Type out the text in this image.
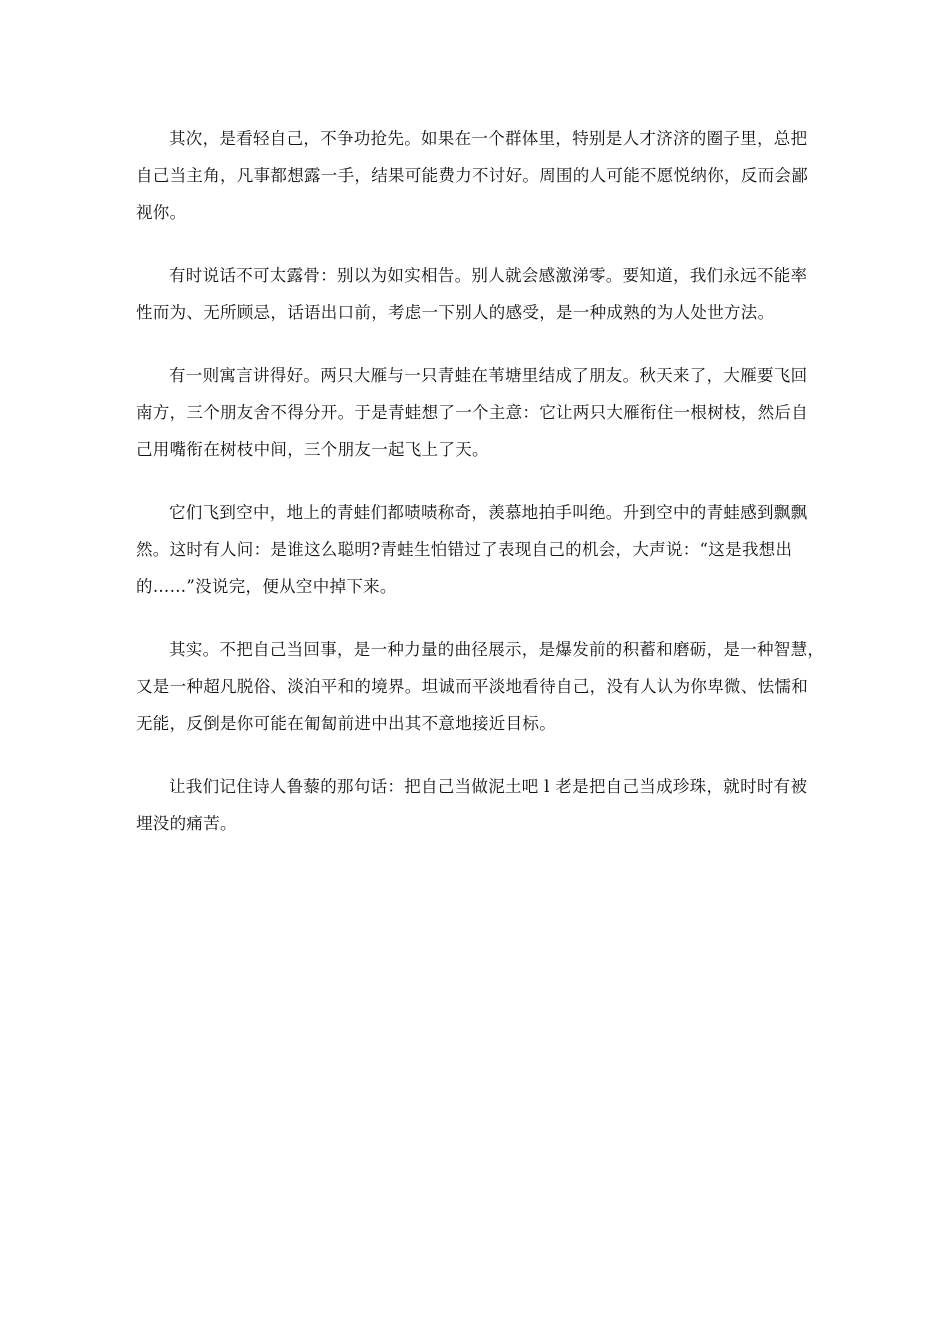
其次，是看轻自己，不争功抢先。如果在一个群体里，特别是人才济济的圈子里，总把
自己当主角，凡事都想露一手，结果可能费力不讨好。周围的人可能不愿悦纳你，反而会鄙
视你。

有时说话不可太露骨：别以为如实相告。别人就会感激涕零。要知道，我们永远不能率
性而为、无所顾忌，话语出口前，考虑一下别人的感受，是一种成熟的为人处世方法。

有一则寓言讲得好。两只大雁与一只青蛙在苇塘里结成了朋友。秋天来了，大雁要飞回
南方，三个朋友舍不得分开。于是青蛙想了一个主意：它让两只大雁衔住一根树枝，然后自
己用嘴衔在树枝中间，三个朋友一起飞上了天。

它们飞到空中，地上的青蛙们都啧啧称奇，羡慕地拍手叫绝。升到空中的青蛙感到飘飘
然。这时有人问：是谁这么聪明?青蛙生怕错过了表现自己的机会，大声说：“这是我想出
的……”没说完，便从空中掉下来。

其实。不把自己当回事，是一种力量的曲径展示，是爆发前的积蓄和磨砺，是一种智慧，
又是一种超凡脱俗、淡泊平和的境界。坦诚而平淡地看待自己，没有人认为你卑微、怯懦和
无能，反倒是你可能在匍匐前进中出其不意地接近目标。

让我们记住诗人鲁藜的那句话：把自己当做泥土吧 l 老是把自己当成珍珠，就时时有被
埋没的痛苦。
